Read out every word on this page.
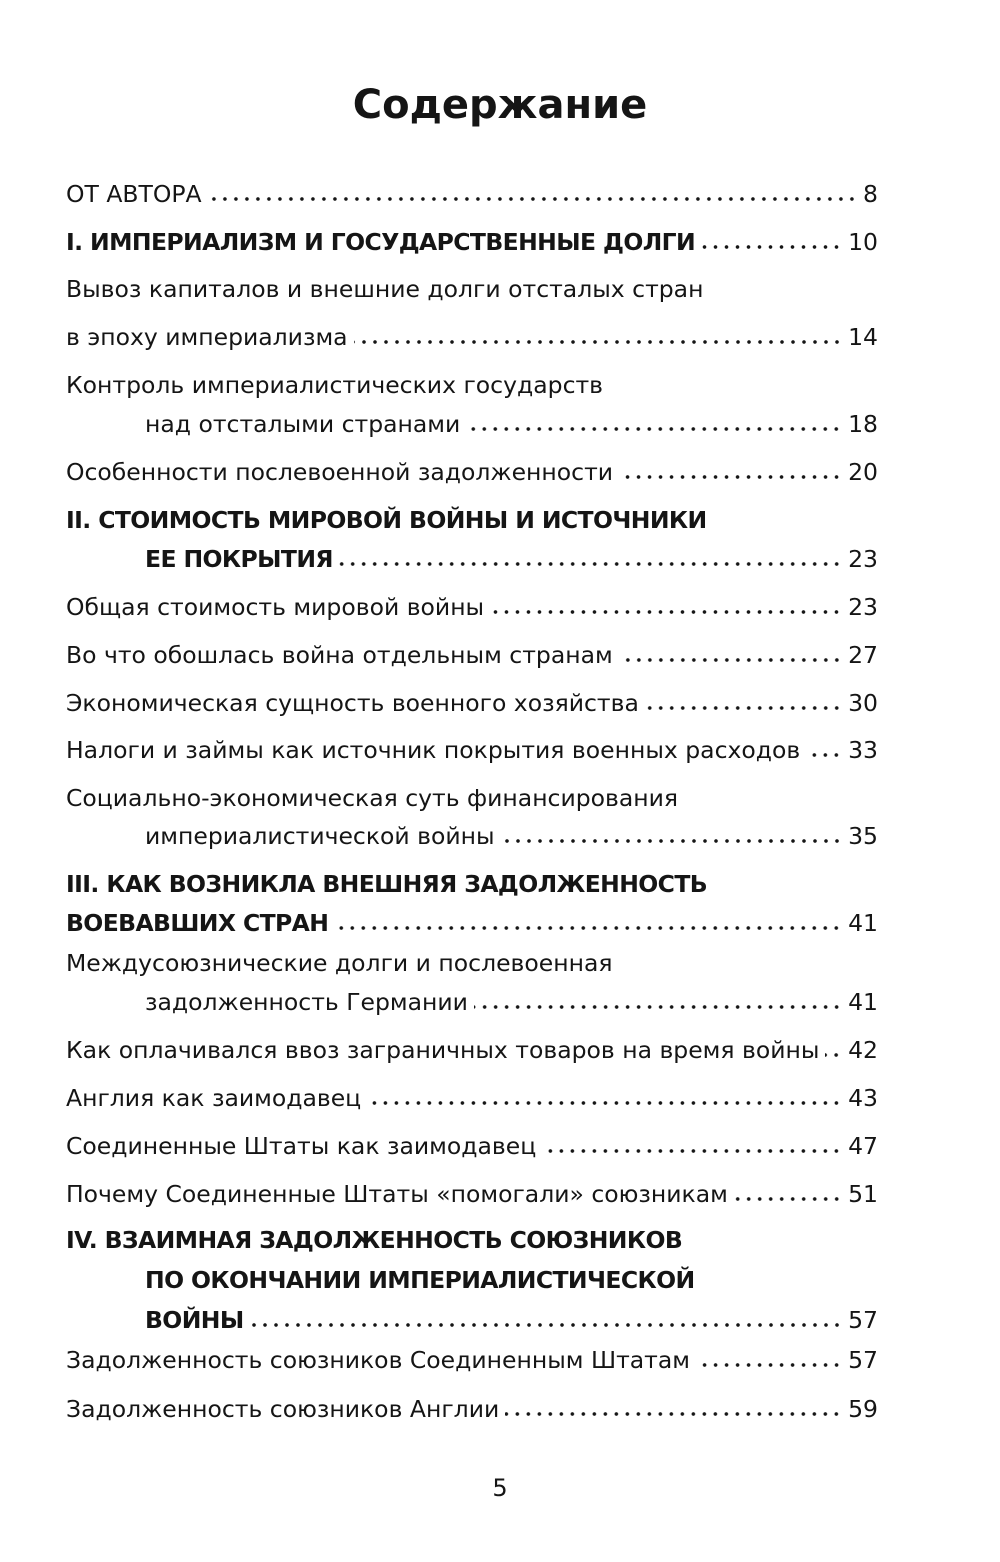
Содержание
ОТ АВТОРА	8
I. ИМПЕРИАЛИЗМ И ГОСУДАРСТВЕННЫЕ ДОЛГИ	10
Вывоз капиталов и внешние долги отсталых стран
в эпоху империализма	14
Контроль империалистических государств
над отсталыми странами	18
Особенности послевоенной задолженности	20
II. СТОИМОСТЬ МИРОВОЙ ВОЙНЫ И ИСТОЧНИКИ
ЕЕ ПОКРЫТИЯ	23
Общая стоимость мировой войны	23
Во что обошлась война отдельным странам	27
Экономическая сущность военного хозяйства	30
Налоги и займы как источник покрытия военных расходов 33
Социально-экономическая суть финансирования
империалистической войны	35
III. КАК ВОЗНИКЛА ВНЕШНЯЯ ЗАДОЛЖЕННОСТЬ
ВОЕВАВШИХ СТРАН	41
Междусоюзнические долги и послевоенная
задолженность Германии	41
Как оплачивался ввоз заграничных товаров на время войны 42
Англия как заимодавец	43
Соединенные Штаты как заимодавец	47
Почему Соединенные Штаты «помогали» союзникам	51
IV. ВЗАИМНАЯ ЗАДОЛЖЕННОСТЬ СОЮЗНИКОВ
ПО ОКОНЧАНИИ ИМПЕРИАЛИСТИЧЕСКОЙ
ВОЙНЫ	57
Задолженность союзников Соединенным Штатам	57
Задолженность союзников Англии	59
5
